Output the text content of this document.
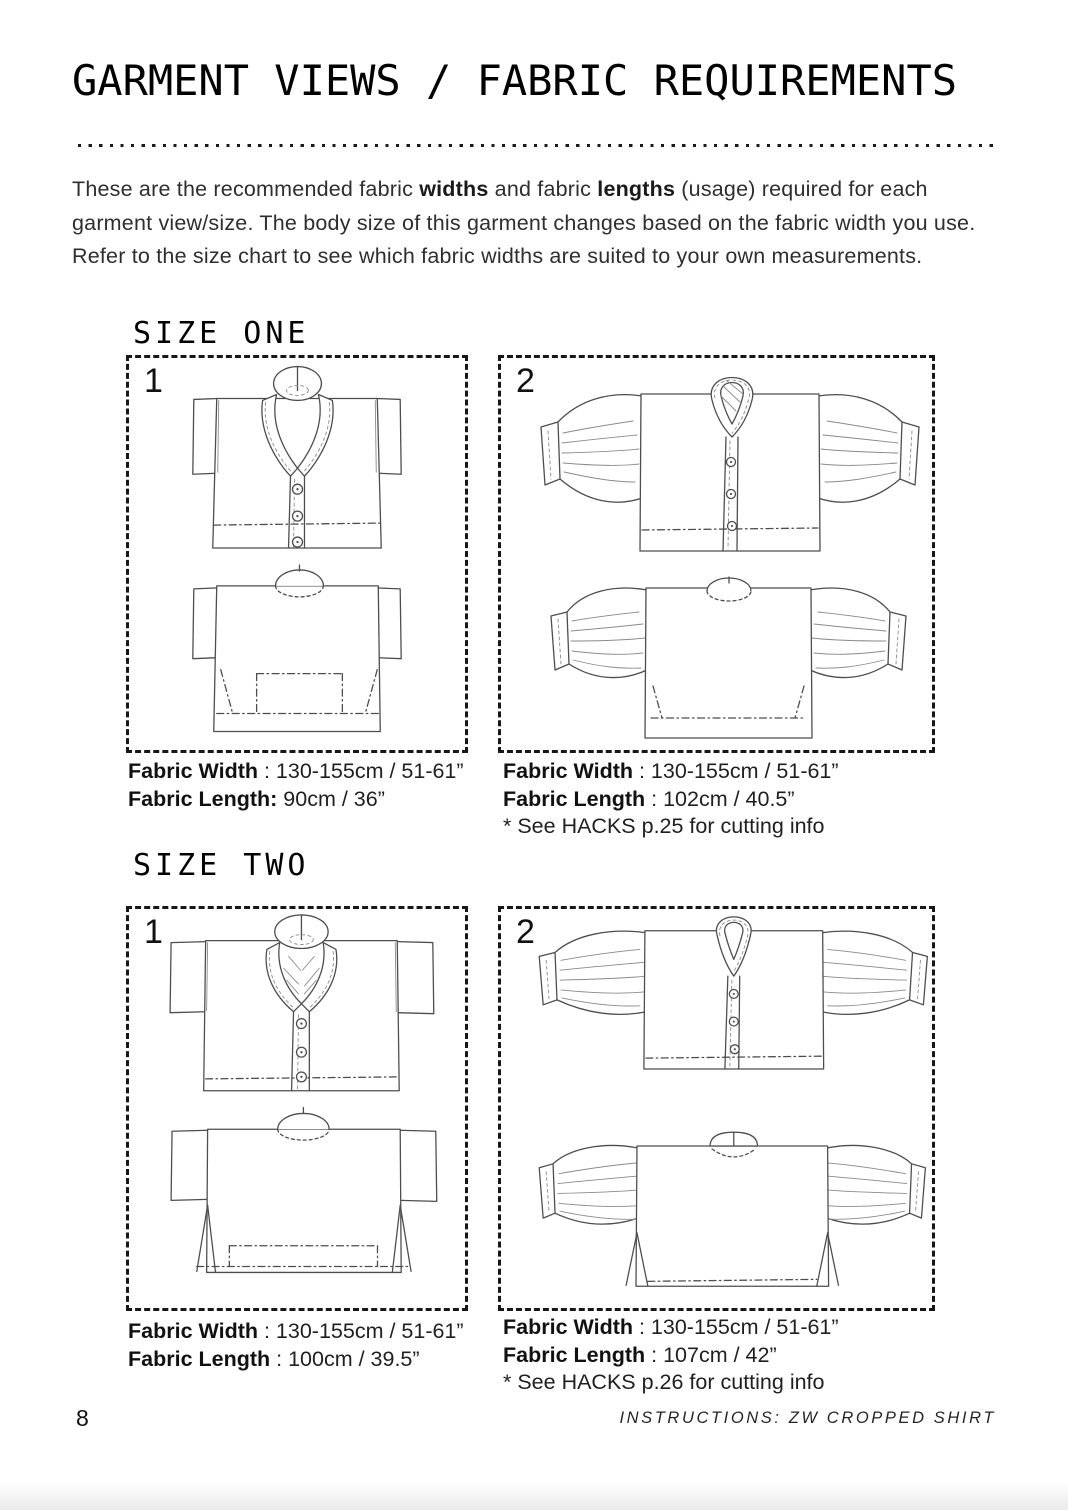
GARMENT VIEWS / FABRIC REQUIREMENTS

These are the recommended fabric widths and fabric lengths (usage) required for each garment view/size. The body size of this garment changes based on the fabric width you use. Refer to the size chart to see which fabric widths are suited to your own measurements.

SIZE ONE
1	2
Fabric Width : 130-155cm / 51-61”
Fabric Length: 90cm / 36”
Fabric Width : 130-155cm / 51-61”
Fabric Length : 102cm / 40.5”
* See HACKS p.25 for cutting info
SIZE TWO
1	2
Fabric Width : 130-155cm / 51-61”
Fabric Length : 100cm / 39.5”
Fabric Width : 130-155cm / 51-61”
Fabric Length : 107cm / 42”
* See HACKS p.26 for cutting info
8	INSTRUCTIONS: ZW CROPPED SHIRT
